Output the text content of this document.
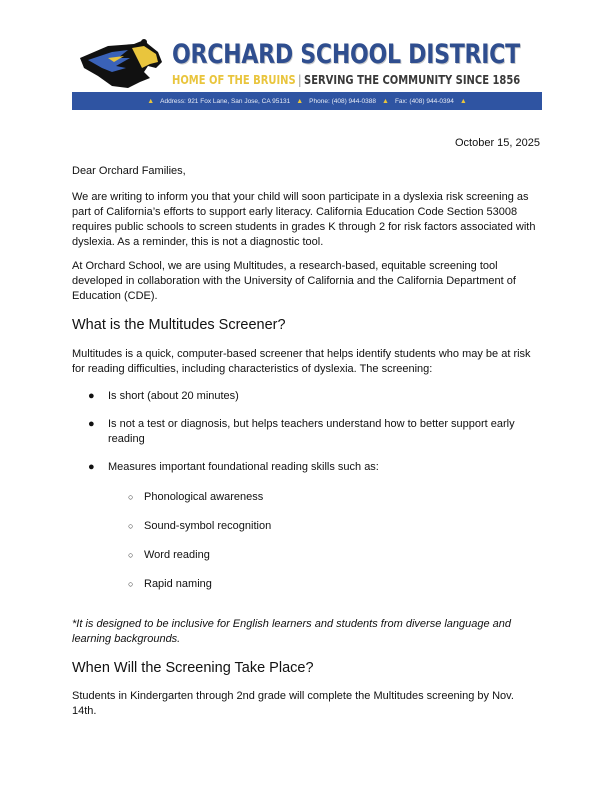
ORCHARD SCHOOL DISTRICT
HOME OF THE BRUINS | SERVING THE COMMUNITY SINCE 1856
▲ Address: 921 Fox Lane, San Jose, CA 95131 ▲ Phone: (408) 944-0388 ▲ Fax: (408) 944-0394 ▲
October 15, 2025
Dear Orchard Families,
We are writing to inform you that your child will soon participate in a dyslexia risk screening as
part of California’s efforts to support early literacy. California Education Code Section 53008
requires public schools to screen students in grades K through 2 for risk factors associated with
dyslexia. As a reminder, this is not a diagnostic tool.
At Orchard School, we are using Multitudes, a research-based, equitable screening tool
developed in collaboration with the University of California and the California Department of
Education (CDE).
What is the Multitudes Screener?
Multitudes is a quick, computer-based screener that helps identify students who may be at risk
for reading difficulties, including characteristics of dyslexia. The screening:
●	Is short (about 20 minutes)
●	Is not a test or diagnosis, but helps teachers understand how to better support early
reading
●	Measures important foundational reading skills such as:
○ Phonological awareness
○ Sound-symbol recognition
○ Word reading
○ Rapid naming
*It is designed to be inclusive for English learners and students from diverse language and
learning backgrounds.
When Will the Screening Take Place?
Students in Kindergarten through 2nd grade will complete the Multitudes screening by Nov.
14th.
